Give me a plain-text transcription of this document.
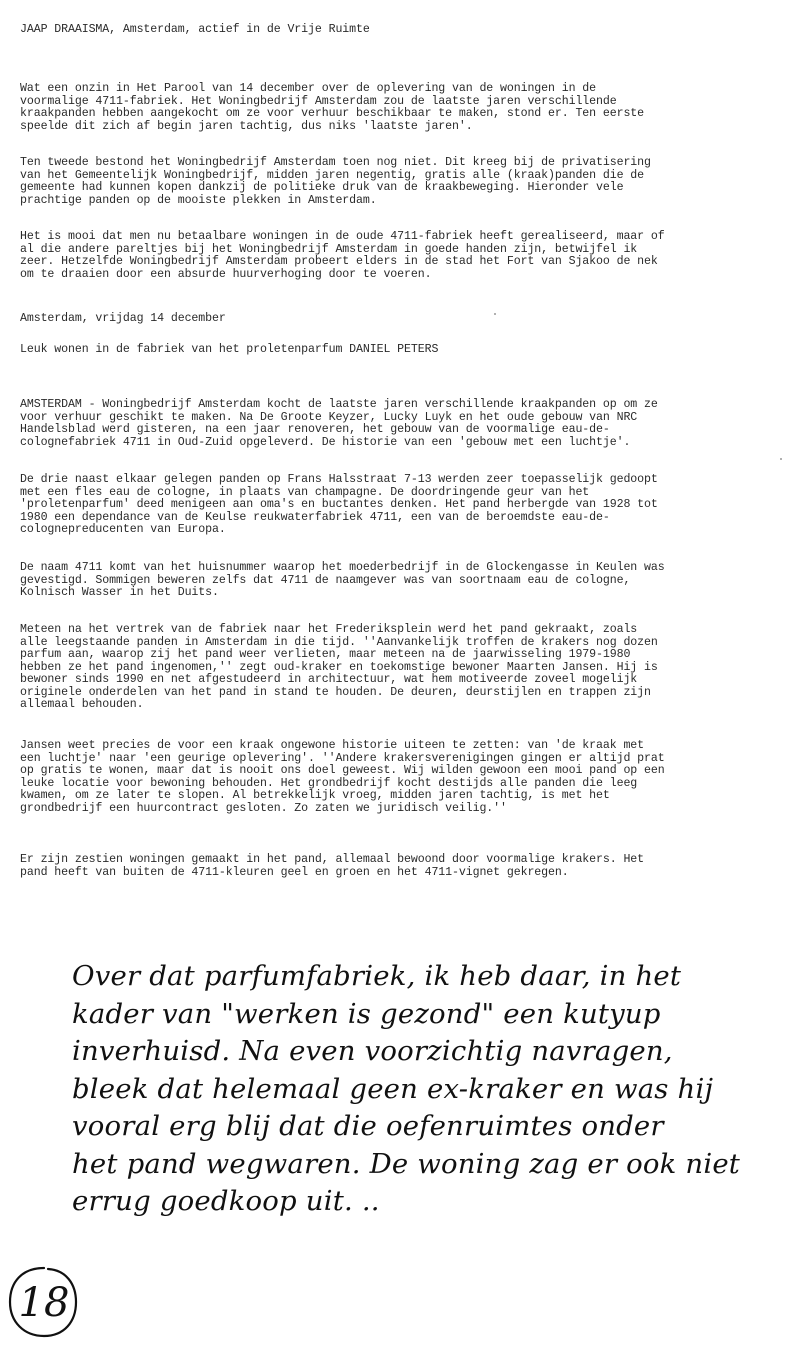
JAAP DRAAISMA, Amsterdam, actief in de Vrije Ruimte

Wat een onzin in Het Parool van 14 december over de oplevering van de woningen in de
voormalige 4711-fabriek. Het Woningbedrijf Amsterdam zou de laatste jaren verschillende
kraakpanden hebben aangekocht om ze voor verhuur beschikbaar te maken, stond er. Ten eerste
speelde dit zich af begin jaren tachtig, dus niks 'laatste jaren'.

Ten tweede bestond het Woningbedrijf Amsterdam toen nog niet. Dit kreeg bij de privatisering
van het Gemeentelijk Woningbedrijf, midden jaren negentig, gratis alle (kraak)panden die de
gemeente had kunnen kopen dankzij de politieke druk van de kraakbeweging. Hieronder vele
prachtige panden op de mooiste plekken in Amsterdam.

Het is mooi dat men nu betaalbare woningen in de oude 4711-fabriek heeft gerealiseerd, maar of
al die andere pareltjes bij het Woningbedrijf Amsterdam in goede handen zijn, betwijfel ik
zeer. Hetzelfde Woningbedrijf Amsterdam probeert elders in de stad het Fort van Sjakoo de nek
om te draaien door een absurde huurverhoging door te voeren.

Amsterdam, vrijdag 14 december

Leuk wonen in de fabriek van het proletenparfum DANIEL PETERS

AMSTERDAM - Woningbedrijf Amsterdam kocht de laatste jaren verschillende kraakpanden op om ze
voor verhuur geschikt te maken. Na De Groote Keyzer, Lucky Luyk en het oude gebouw van NRC
Handelsblad werd gisteren, na een jaar renoveren, het gebouw van de voormalige eau-de-
colognefabriek 4711 in Oud-Zuid opgeleverd. De historie van een 'gebouw met een luchtje'.

De drie naast elkaar gelegen panden op Frans Halsstraat 7-13 werden zeer toepasselijk gedoopt
met een fles eau de cologne, in plaats van champagne. De doordringende geur van het
'proletenparfum' deed menigeen aan oma's en buctantes denken. Het pand herbergde van 1928 tot
1980 een dependance van de Keulse reukwaterfabriek 4711, een van de beroemdste eau-de-
colognepreducenten van Europa.

De naam 4711 komt van het huisnummer waarop het moederbedrijf in de Glockengasse in Keulen was
gevestigd. Sommigen beweren zelfs dat 4711 de naamgever was van soortnaam eau de cologne,
Kolnisch Wasser in het Duits.

Meteen na het vertrek van de fabriek naar het Frederiksplein werd het pand gekraakt, zoals
alle leegstaande panden in Amsterdam in die tijd. ''Aanvankelijk troffen de krakers nog dozen
parfum aan, waarop zij het pand weer verlieten, maar meteen na de jaarwisseling 1979-1980
hebben ze het pand ingenomen,'' zegt oud-kraker en toekomstige bewoner Maarten Jansen. Hij is
bewoner sinds 1990 en net afgestudeerd in architectuur, wat hem motiveerde zoveel mogelijk
originele onderdelen van het pand in stand te houden. De deuren, deurstijlen en trappen zijn
allemaal behouden.

Jansen weet precies de voor een kraak ongewone historie uiteen te zetten: van 'de kraak met
een luchtje' naar 'een geurige oplevering'. ''Andere krakersverenigingen gingen er altijd prat
op gratis te wonen, maar dat is nooit ons doel geweest. Wij wilden gewoon een mooi pand op een
leuke locatie voor bewoning behouden. Het grondbedrijf kocht destijds alle panden die leeg
kwamen, om ze later te slopen. Al betrekkelijk vroeg, midden jaren tachtig, is met het
grondbedrijf een huurcontract gesloten. Zo zaten we juridisch veilig.''

Er zijn zestien woningen gemaakt in het pand, allemaal bewoond door voormalige krakers. Het
pand heeft van buiten de 4711-kleuren geel en groen en het 4711-vignet gekregen.

Over dat parfumfabriek, ik heb daar, in het
kader van "werken is gezond" een kutyup
inverhuisd. Na even voorzichtig navragen,
bleek dat helemaal geen ex-kraker en was hij
vooral erg blij dat die oefenruimtes onder
het pand wegwaren. De woning zag er ook niet
errug goedkoop uit. ..
18
